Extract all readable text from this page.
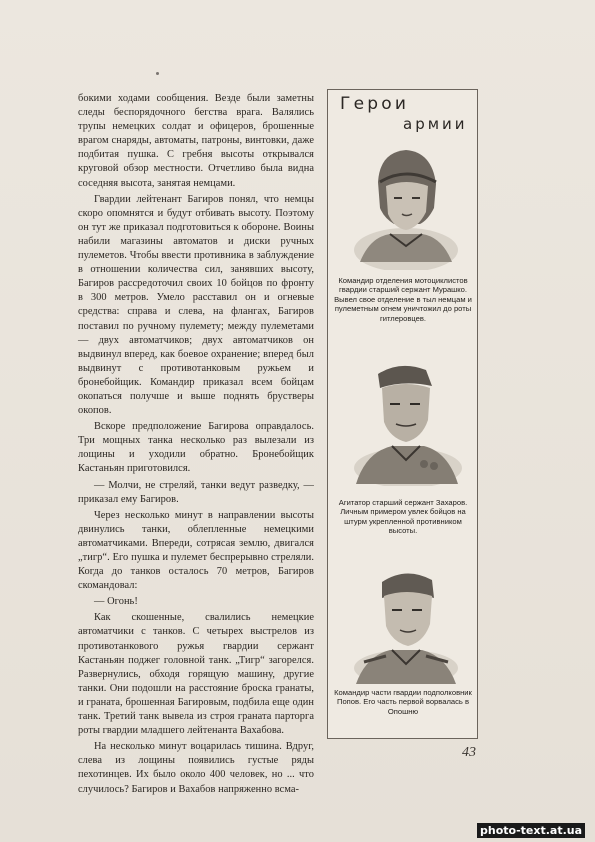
бокими ходами сообщения. Везде были заметны следы беспорядочного бегства врага. Валялись трупы немецких солдат и офицеров, брошенные врагом снаряды, автоматы, патроны, винтовки, даже подбитая пушка. С гребня высоты открывался круговой обзор местности. Отчетливо была видна соседняя высота, занятая немцами.

Гвардии лейтенант Багиров понял, что немцы скоро опомнятся и будут отбивать высоту. Поэтому он тут же приказал подготовиться к обороне. Воины набили магазины автоматов и диски ручных пулеметов. Чтобы ввести противника в заблуждение в отношении количества сил, занявших высоту, Багиров рассредоточил своих 10 бойцов по фронту в 300 метров. Умело расставил он и огневые средства: справа и слева, на флангах, Багиров поставил по ручному пулемету; между пулеметами — двух автоматчиков; двух автоматчиков он выдвинул вперед, как боевое охранение; вперед был выдвинут с противотанковым ружьем и бронебойщик. Командир приказал всем бойцам окопаться получше и выше поднять брустверы окопов.

Вскоре предположение Багирова оправдалось. Три мощных танка несколько раз вылезали из лощины и уходили обратно. Бронебойщик Кастаньян приготовился.

— Молчи, не стреляй, танки ведут разведку, — приказал ему Багиров.

Через несколько минут в направлении высоты двинулись танки, облепленные немецкими автоматчиками. Впереди, сотрясая землю, двигался „тигр“. Его пушка и пулемет беспрерывно стреляли. Когда до танков осталось 70 метров, Багиров скомандовал:

— Огонь!

Как скошенные, свалились немецкие автоматчики с танков. С четырех выстрелов из противотанкового ружья гвардии сержант Кастаньян поджег головной танк. „Тигр“ загорелся. Развернулись, обходя горящую машину, другие танки. Они подошли на расстояние броска гранаты, и граната, брошенная Багировым, подбила еще один танк. Третий танк вывела из строя граната парторга роты гвардии младшего лейтенанта Вахабова.

На несколько минут воцарилась тишина. Вдруг, слева из лощины появились густые ряды пехотинцев. Их было около 400 человек, но ... что случилось? Багиров и Вахабов напряженно всма-

Герои
армии
Командир отделения мотоциклистов гвардии старший сержант Мурашко. Вывел свое отделение в тыл немцам и пулеметным огнем уничтожил до роты гитлеровцев.
Агитатор старший сержант Захаров. Личным примером увлек бойцов на штурм укрепленной противником высоты.
Командир части гвардии подполковник Попов. Его часть первой ворвалась в Опошню
43
photo-text.at.ua
